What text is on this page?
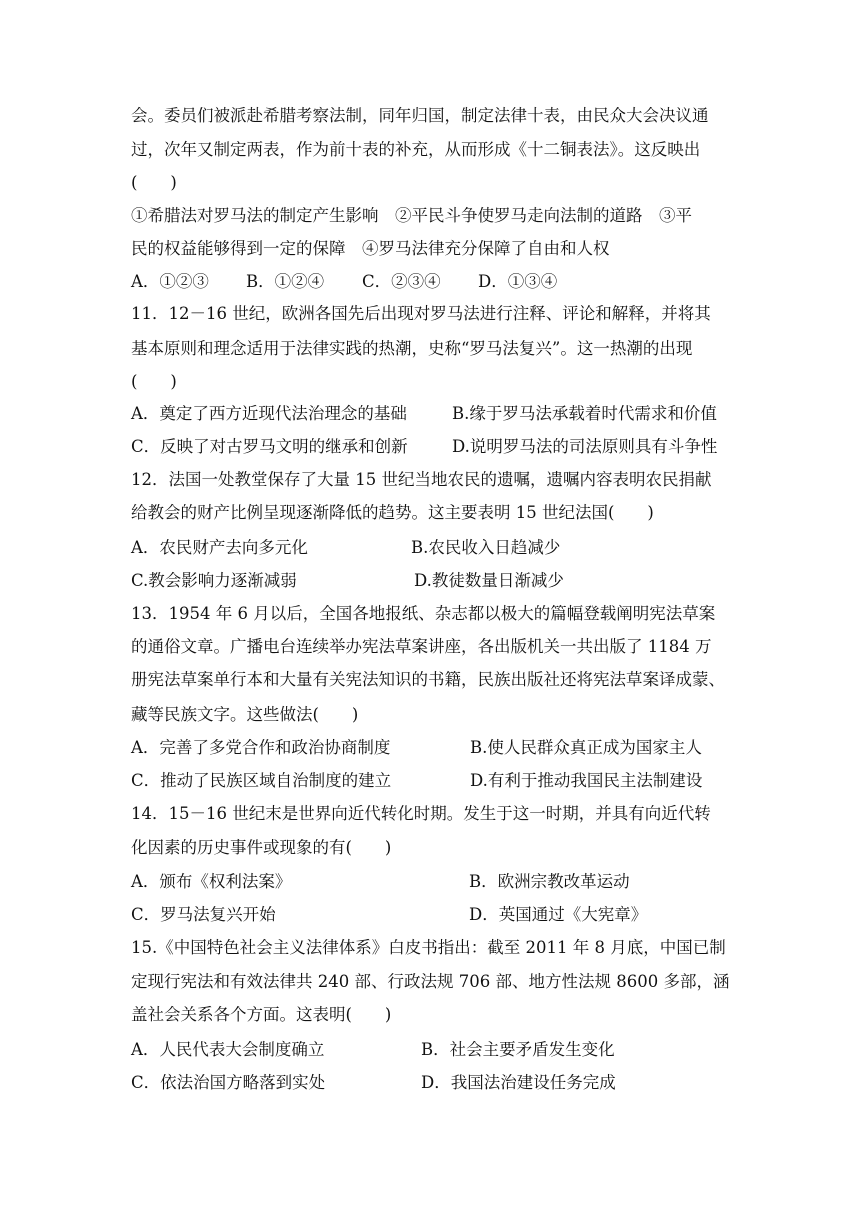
会。委员们被派赴希腊考察法制，同年归国，制定法律十表，由民众大会决议通
过，次年又制定两表，作为前十表的补充，从而形成《十二铜表法》。这反映出
(　　)
①希腊法对罗马法的制定产生影响　②平民斗争使罗马走向法制的道路　③平
民的权益能够得到一定的保障　④罗马法律充分保障了自由和人权
A．①②③ B．①②④ C．②③④ D．①③④
11．12－16 世纪，欧洲各国先后出现对罗马法进行注释、评论和解释，并将其
基本原则和理念适用于法律实践的热潮，史称“罗马法复兴”。这一热潮的出现
(　　)
A．奠定了西方近现代法治理念的基础	B.缘于罗马法承载着时代需求和价值
C．反映了对古罗马文明的继承和创新	D.说明罗马法的司法原则具有斗争性
12．法国一处教堂保存了大量 15 世纪当地农民的遗嘱，遗嘱内容表明农民捐献
给教会的财产比例呈现逐渐降低的趋势。这主要表明 15 世纪法国(　　)
A．农民财产去向多元化	B.农民收入日趋减少
C.教会影响力逐渐减弱	D.教徒数量日渐减少
13．1954 年 6 月以后，全国各地报纸、杂志都以极大的篇幅登载阐明宪法草案
的通俗文章。广播电台连续举办宪法草案讲座，各出版机关一共出版了 1184 万
册宪法草案单行本和大量有关宪法知识的书籍，民族出版社还将宪法草案译成蒙、
藏等民族文字。这些做法(　　)
A．完善了多党合作和政治协商制度	B.使人民群众真正成为国家主人
C．推动了民族区域自治制度的建立	D.有利于推动我国民主法制建设
14．15－16 世纪末是世界向近代转化时期。发生于这一时期，并具有向近代转
化因素的历史事件或现象的有(　　)
A．颁布《权利法案》	B．欧洲宗教改革运动
C．罗马法复兴开始	D．英国通过《大宪章》
15.《中国特色社会主义法律体系》白皮书指出：截至 2011 年 8 月底，中国已制
定现行宪法和有效法律共 240 部、行政法规 706 部、地方性法规 8600 多部，涵
盖社会关系各个方面。这表明(　　)
A．人民代表大会制度确立	B．社会主要矛盾发生变化
C．依法治国方略落到实处	D．我国法治建设任务完成
